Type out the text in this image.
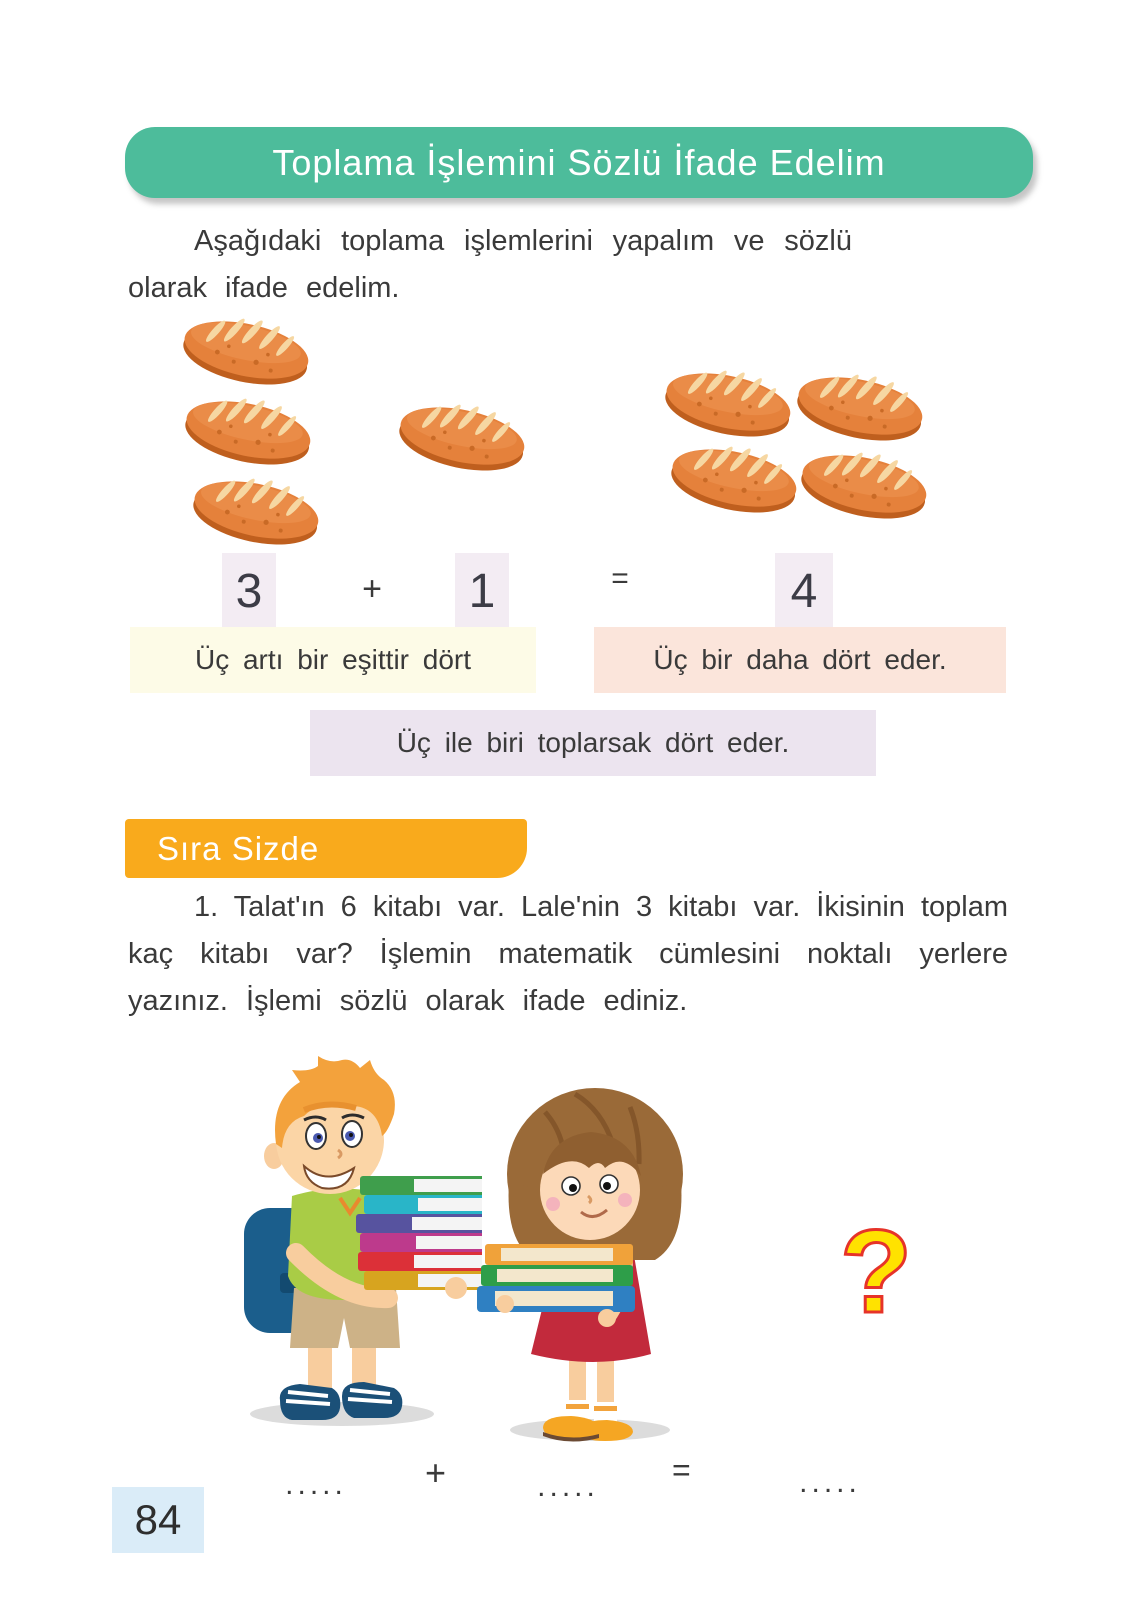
Toplama İşlemini Sözlü İfade Edelim
Aşağıdaki toplama işlemlerini yapalım ve sözlü
olarak ifade edelim.
3	+ 1	=	4
Üç artı bir eşittir dört	Üç bir daha dört eder.
Üç ile biri toplarsak dört eder.
Sıra Sizde
1. Talat'ın 6 kitabı var. Lale'nin 3 kitabı var. İkisinin toplam
kaç kitabı var? İşlemin matematik cümlesini noktalı yerlere
yazınız. İşlemi sözlü olarak ifade ediniz.
?
..... +	..... =	.....
84
